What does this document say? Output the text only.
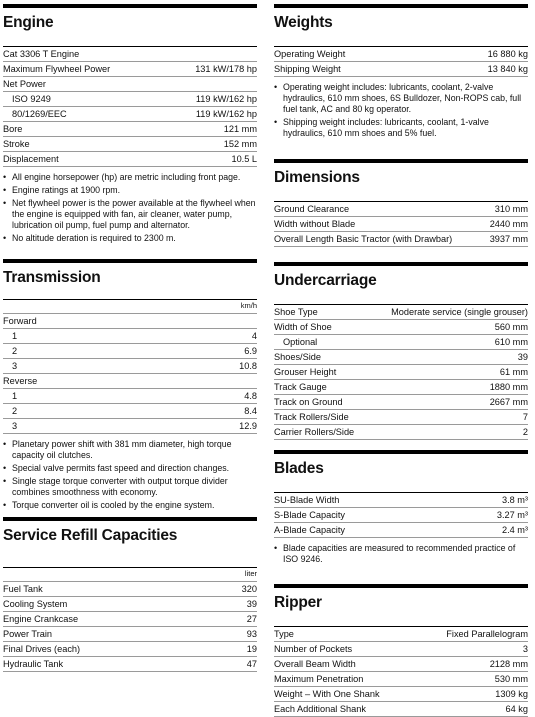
Engine
Cat 3306 T Engine
Maximum Flywheel Power	131 kW/178 hp
Net Power
ISO 9249	119 kW/162 hp
80/1269/EEC	119 kW/162 hp
Bore	121 mm
Stroke	152 mm
Displacement	10.5 L
• All engine horsepower (hp) are metric including front page.
• Engine ratings at 1900 rpm.
• Net flywheel power is the power available at the flywheel when the engine is equipped with fan, air cleaner, water pump, lubrication oil pump, fuel pump and alternator.
• No altitude deration is required to 2300 m.
Transmission
km/h
Forward
1	4
2	6.9
3	10.8
Reverse
1	4.8
2	8.4
3	12.9
• Planetary power shift with 381 mm diameter, high torque capacity oil clutches.
• Special valve permits fast speed and direction changes.
• Single stage torque converter with output torque divider combines smoothness with economy.
• Torque converter oil is cooled by the engine system.
Service Refill Capacities
liter
Fuel Tank	320
Cooling System	39
Engine Crankcase	27
Power Train	93
Final Drives (each)	19
Hydraulic Tank	47
Weights
Operating Weight	16 880 kg
Shipping Weight	13 840 kg
• Operating weight includes: lubricants, coolant, 2-valve hydraulics, 610 mm shoes, 6S Bulldozer, Non-ROPS cab, full fuel tank, AC and 80 kg operator.
• Shipping weight includes: lubricants, coolant, 1-valve hydraulics, 610 mm shoes and 5% fuel.
Dimensions
Ground Clearance	310 mm
Width without Blade	2440 mm
Overall Length Basic Tractor (with Drawbar)	3937 mm
Undercarriage
Shoe Type	Moderate service (single grouser)
Width of Shoe	560 mm
Optional	610 mm
Shoes/Side	39
Grouser Height	61 mm
Track Gauge	1880 mm
Track on Ground	2667 mm
Track Rollers/Side	7
Carrier Rollers/Side	2
Blades
SU-Blade Width	3.8 m³
S-Blade Capacity	3.27 m³
A-Blade Capacity	2.4 m³
• Blade capacities are measured to recommended practice of ISO 9246.
Ripper
Type	Fixed Parallelogram
Number of Pockets	3
Overall Beam Width	2128 mm
Maximum Penetration	530 mm
Weight – With One Shank	1309 kg
Each Additional Shank	64 kg
